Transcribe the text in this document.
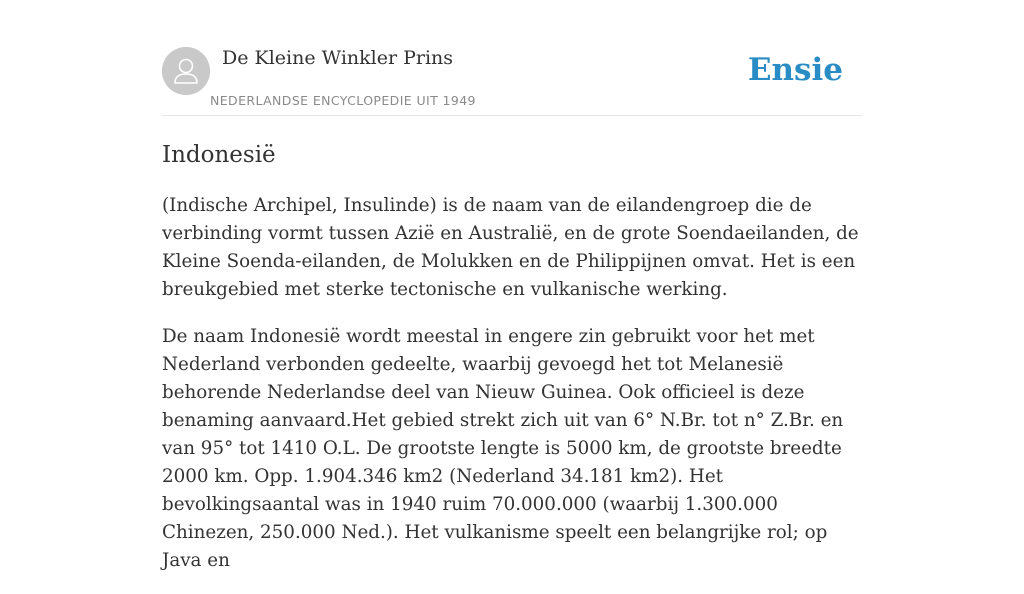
De Kleine Winkler Prins
NEDERLANDSE ENCYCLOPEDIE UIT 1949
Ensie
Indonesië

(Indische Archipel, Insulinde) is de naam van de eilandengroep die de verbinding vormt tussen Azië en Australië, en de grote Soendaeilanden, de Kleine Soenda-eilanden, de Molukken en de Philippijnen omvat. Het is een breukgebied met sterke tectonische en vulkanische werking.

De naam Indonesië wordt meestal in engere zin gebruikt voor het met Nederland verbonden gedeelte, waarbij gevoegd het tot Melanesië behorende Nederlandse deel van Nieuw Guinea. Ook officieel is deze benaming aanvaard.Het gebied strekt zich uit van 6° N.Br. tot n° Z.Br. en van 95° tot 1410 O.L. De grootste lengte is 5000 km, de grootste breedte 2000 km. Opp. 1.904.346 km2 (Nederland 34.181 km2). Het bevolkingsaantal was in 1940 ruim 70.000.000 (waarbij 1.300.000 Chinezen, 250.000 Ned.). Het vulkanisme speelt een belangrijke rol; op Java en
